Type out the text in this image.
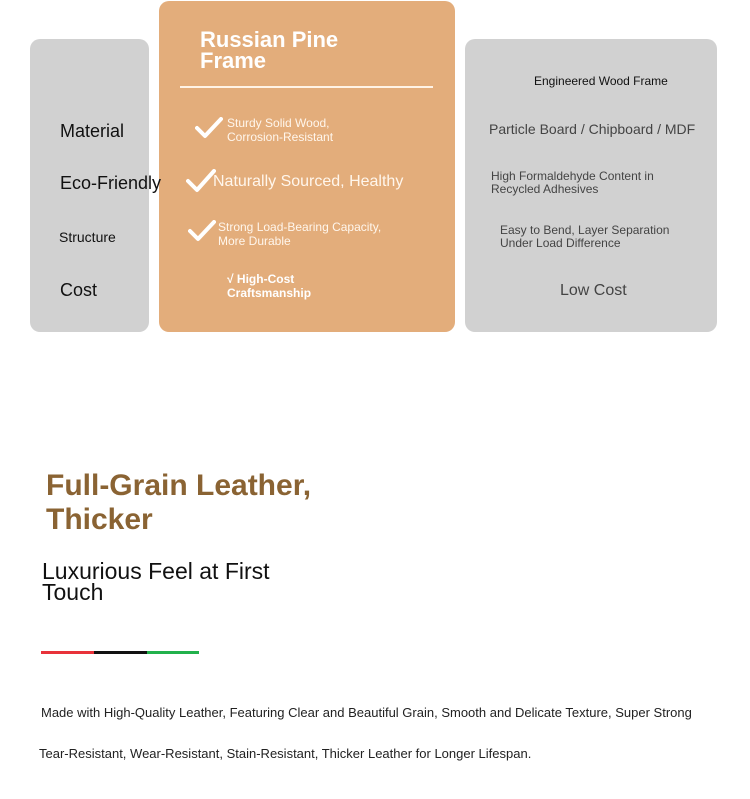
Material
Eco-Friendly
Structure
Cost
Russian Pine Frame
Sturdy Solid Wood, Corrosion-Resistant
Naturally Sourced, Healthy
Strong Load-Bearing Capacity, More Durable
√ High-Cost Craftsmanship
Engineered Wood Frame
Particle Board / Chipboard / MDF
High Formaldehyde Content in Recycled Adhesives
Easy to Bend, Layer Separation Under Load Difference
Low Cost
Full-Grain Leather, Thicker
Luxurious Feel at First Touch
Made with High-Quality Leather, Featuring Clear and Beautiful Grain, Smooth and Delicate Texture, Super Strong
Tear-Resistant, Wear-Resistant, Stain-Resistant, Thicker Leather for Longer Lifespan.
